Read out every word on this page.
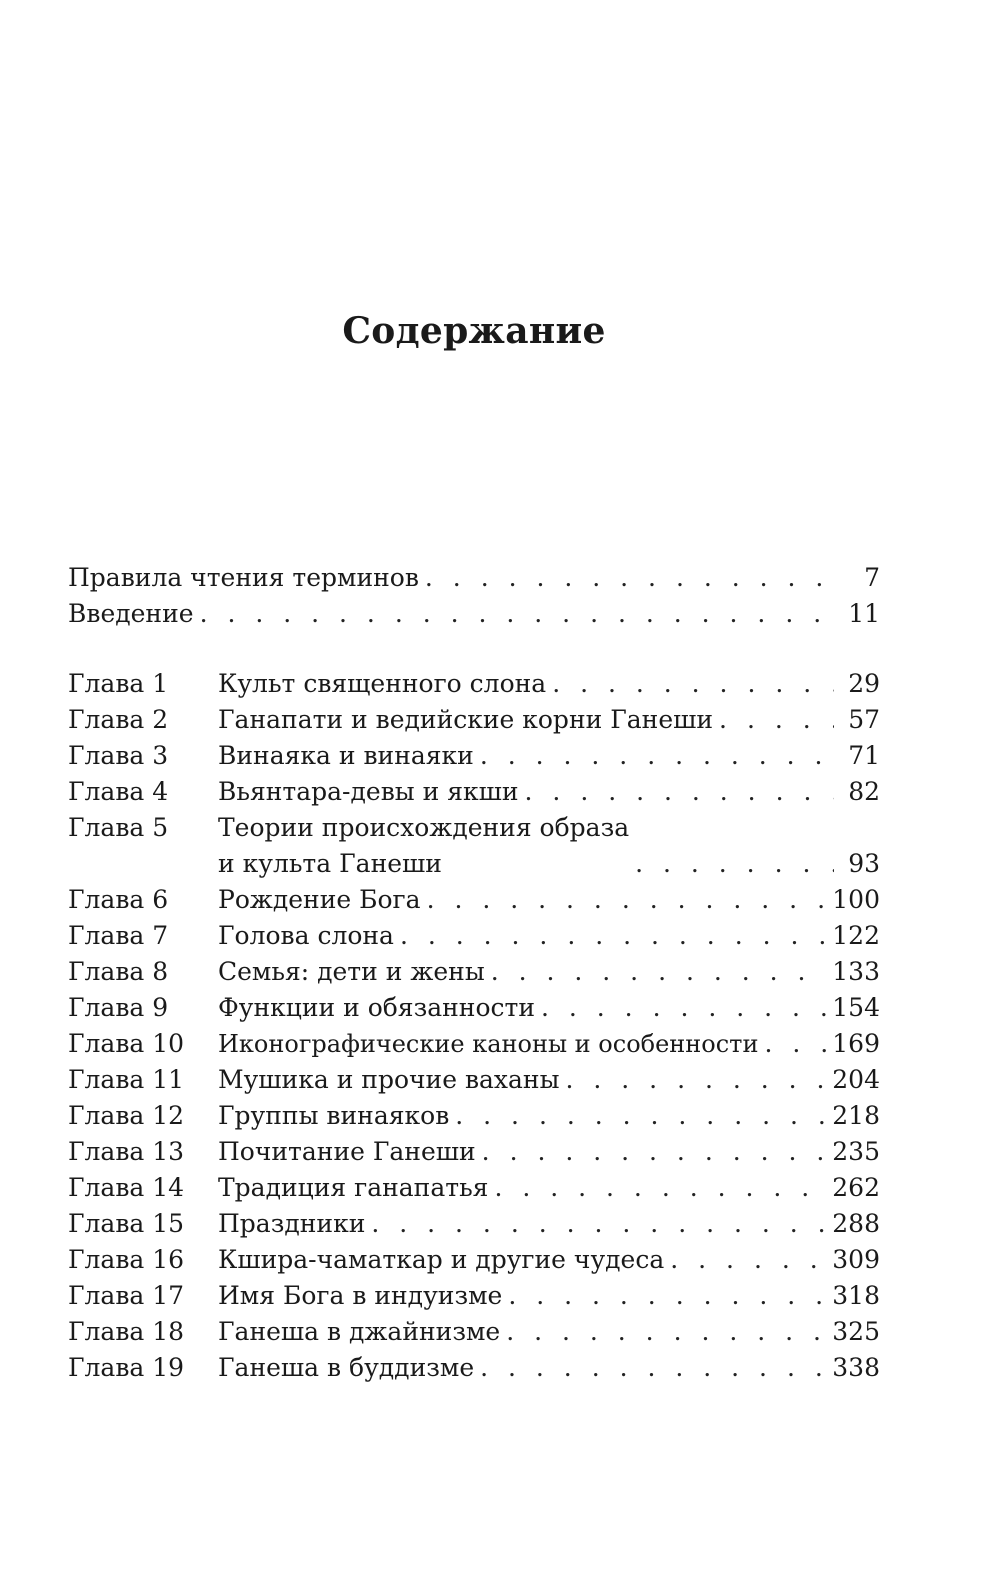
Содержание
Правила чтения терминов . . .	7
Введение . . .	11
Глава 1	Культ священного слона . . .	29
Глава 2	Ганапати и ведийские корни Ганеши . . .	57
Глава 3	Винаяка и винаяки . . .	71
Глава 4	Вьянтара-девы и якши . . .	82
Глава 5	Теории происхождения образа
и культа Ганеши . . .	93
Глава 6	Рождение Бога . . .	100
Глава 7	Голова слона . . .	122
Глава 8	Семья: дети и жены . . .	133
Глава 9	Функции и обязанности . . .	154
Глава 10	Иконографические каноны и особенности . . .	169
Глава 11	Мушика и прочие ваханы . . .	204
Глава 12	Группы винаяков . . .	218
Глава 13	Почитание Ганеши . . .	235
Глава 14	Традиция ганапатья . . .	262
Глава 15	Праздники . . .	288
Глава 16	Кшира-чаматкар и другие чудеса . . .	309
Глава 17	Имя Бога в индуизме . . .	318
Глава 18	Ганеша в джайнизме . . .	325
Глава 19	Ганеша в буддизме . . .	338
